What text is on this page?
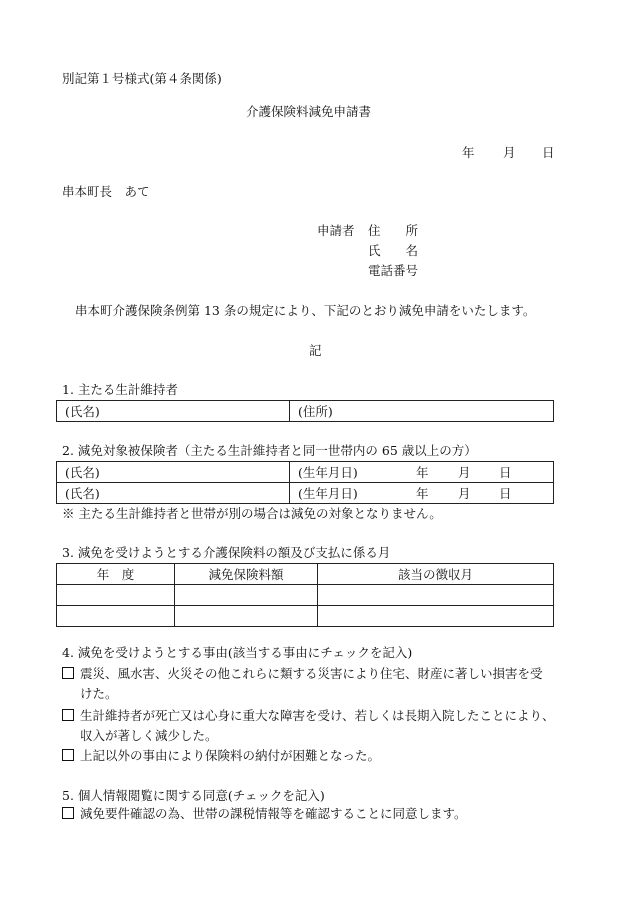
別記第１号様式(第４条関係)
介護保険料減免申請書
年 月 日
串本町長　あて
申請者 住　　所
氏　　名
電話番号
串本町介護保険条例第 13 条の規定により、下記のとおり減免申請をいたします。
記
1. 主たる生計維持者
(氏名)	(住所)
2. 減免対象被保険者（主たる生計維持者と同一世帯内の 65 歳以上の方）
(氏名)	(生年月日) 年 月 日
(氏名)	(生年月日) 年 月 日
※ 主たる生計維持者と世帯が別の場合は減免の対象となりません。
3. 減免を受けようとする介護保険料の額及び支払に係る月
年　度	減免保険料額	該当の徴収月

4. 減免を受けようとする事由(該当する事由にチェックを記入)
震災、風水害、火災その他これらに類する災害により住宅、財産に著しい損害を受
けた。
生計維持者が死亡又は心身に重大な障害を受け、若しくは長期入院したことにより、
収入が著しく減少した。
上記以外の事由により保険料の納付が困難となった。
5. 個人情報閲覧に関する同意(チェックを記入)
減免要件確認の為、世帯の課税情報等を確認することに同意します。
